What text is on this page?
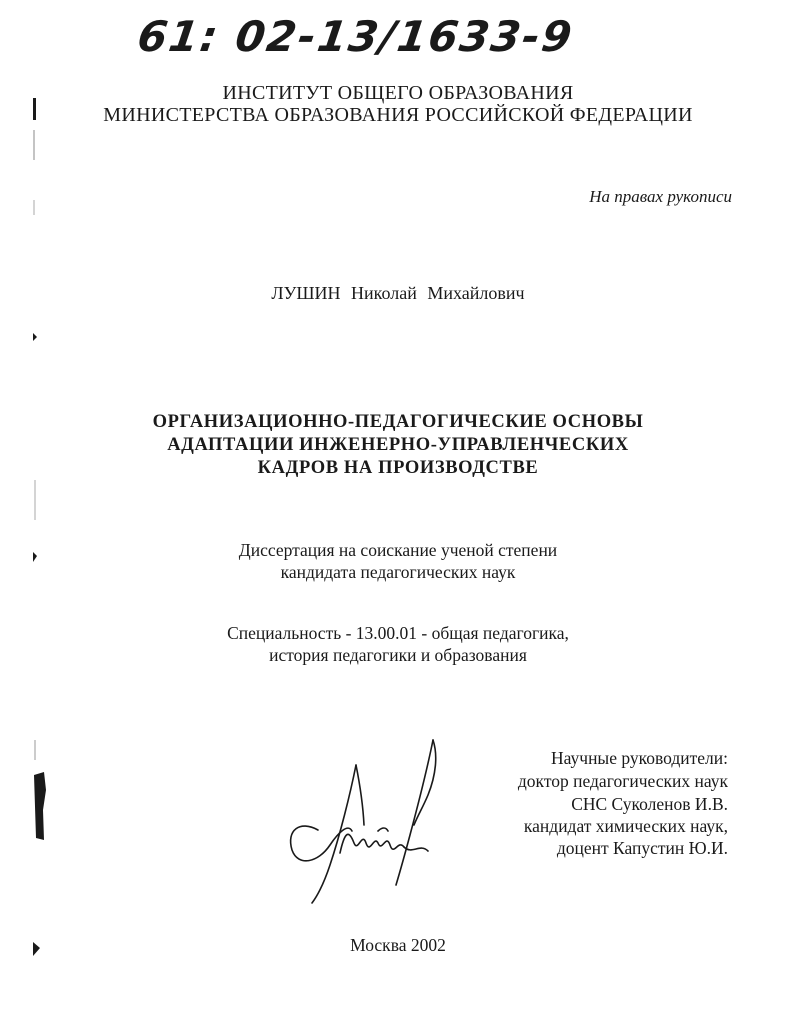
61: 02-13/1633-9
ИНСТИТУТ ОБЩЕГО ОБРАЗОВАНИЯ
МИНИСТЕРСТВА ОБРАЗОВАНИЯ РОССИЙСКОЙ ФЕДЕРАЦИИ
На правах рукописи
ЛУШИН Николай Михайлович
ОРГАНИЗАЦИОННО-ПЕДАГОГИЧЕСКИЕ ОСНОВЫ
АДАПТАЦИИ ИНЖЕНЕРНО-УПРАВЛЕНЧЕСКИХ
КАДРОВ НА ПРОИЗВОДСТВЕ
Диссертация на соискание ученой степени
кандидата педагогических наук
Специальность - 13.00.01 - общая педагогика,
история педагогики и образования
Научные руководители:
доктор педагогических наук
СНС Суколенов И.В.
кандидат химических наук,
доцент Капустин Ю.И.
Москва 2002
